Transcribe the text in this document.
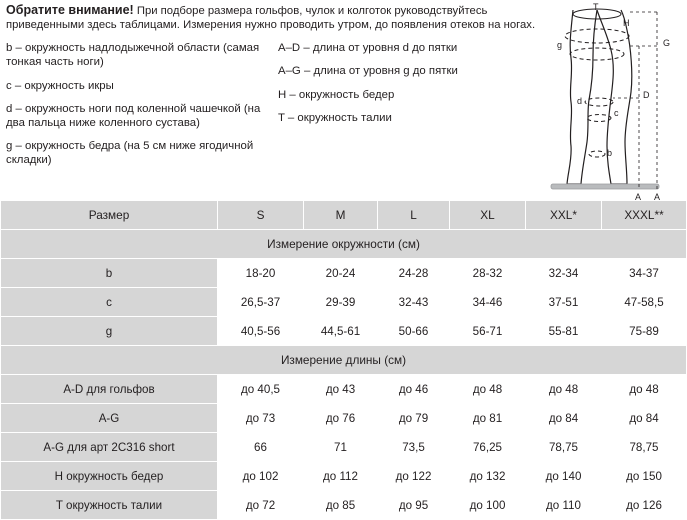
Обратите внимание! При подборе размера гольфов, чулок и колготок руководствуйтесь приведенными здесь таблицами. Измерения нужно проводить утром, до появления отеков на ногах.

b – окружность надлодыжечной области (самая тонкая часть ноги)
c – окружность икры
d – окружность ноги под коленной чашечкой (на два пальца ниже коленного сустава)
g – окружность бедра (на 5 см ниже ягодичной складки)
A–D – длина от уровня d до пятки
A–G – длина от уровня g до пятки
H – окружность бедер
T – окружность талии
T
H
G
g
d
D
c
b
A A
Размер	S	M	L	XL	XXL*	XXXL**
Измерение окружности (см)						
b	18-20	20-24	24-28	28-32	32-34	34-37
c	26,5-37	29-39	32-43	34-46	37-51	47-58,5
g	40,5-56	44,5-61	50-66	56-71	55-81	75-89
Измерение длины (см)						
A-D для гольфов	до 40,5	до 43	до 46	до 48	до 48	до 48
A-G	до 73	до 76	до 79	до 81	до 84	до 84
A-G для арт 2C316 short	66	71	73,5	76,25	78,75	78,75
H окружность бедер	до 102	до 112	до 122	до 132	до 140	до 150
T окружность талии	до 72	до 85	до 95	до 100	до 110	до 126
